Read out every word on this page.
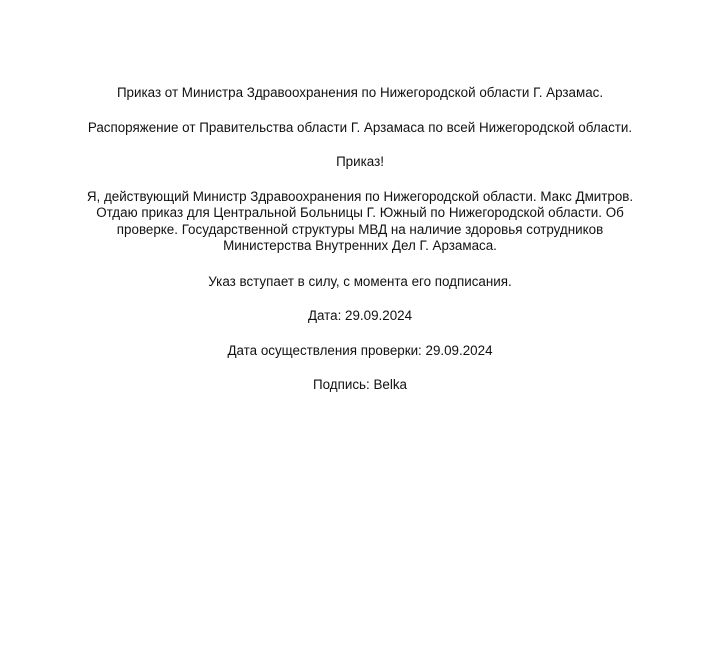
Приказ от Министра Здравоохранения по Нижегородской области Г. Арзамас.

Распоряжение от Правительства области Г. Арзамаса по всей Нижегородской области.

Приказ!

Я, действующий Министр Здравоохранения по Нижегородской области. Макс Дмитров. Отдаю приказ для Центральной Больницы Г. Южный по Нижегородской области. Об проверке. Государственной структуры МВД на наличие здоровья сотрудников Министерства Внутренних Дел Г. Арзамаса.

Указ вступает в силу, с момента его подписания.

Дата: 29.09.2024

Дата осуществления проверки: 29.09.2024

Подпись: Belka
